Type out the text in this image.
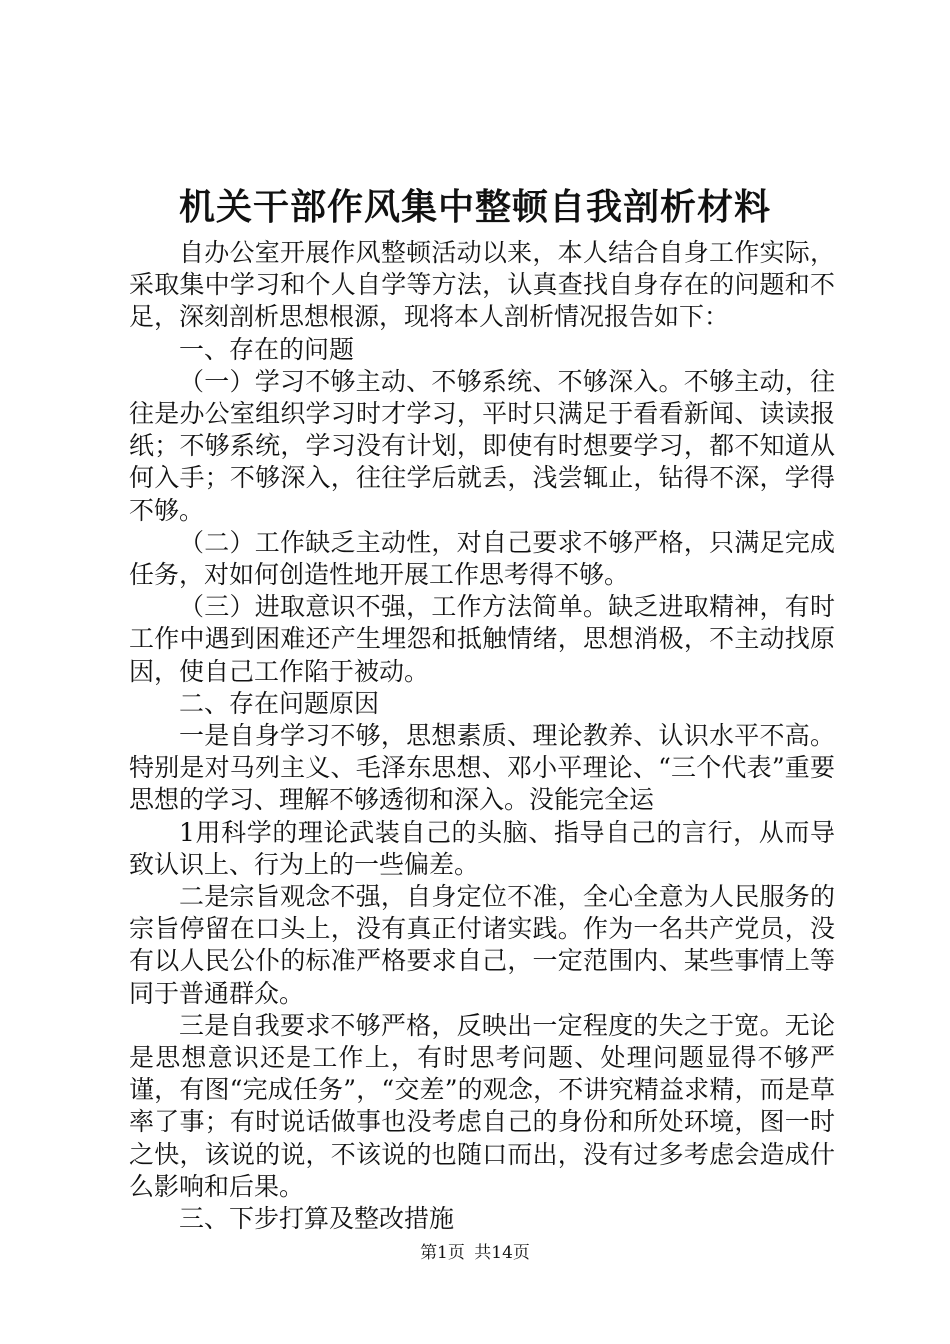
机关干部作风集中整顿自我剖析材料

自办公室开展作风整顿活动以来，本人结合自身工作实际，采取集中学习和个人自学等方法，认真查找自身存在的问题和不足，深刻剖析思想根源，现将本人剖析情况报告如下：

一、存在的问题

（一）学习不够主动、不够系统、不够深入。不够主动，往往是办公室组织学习时才学习，平时只满足于看看新闻、读读报纸；不够系统，学习没有计划，即使有时想要学习，都不知道从何入手；不够深入，往往学后就丢，浅尝辄止，钻得不深，学得不够。

（二）工作缺乏主动性，对自己要求不够严格，只满足完成任务，对如何创造性地开展工作思考得不够。

（三）进取意识不强，工作方法简单。缺乏进取精神，有时工作中遇到困难还产生埋怨和抵触情绪，思想消极，不主动找原因，使自己工作陷于被动。

二、存在问题原因

一是自身学习不够，思想素质、理论教养、认识水平不高。特别是对马列主义、毛泽东思想、邓小平理论、“三个代表”重要思想的学习、理解不够透彻和深入。没能完全运

1用科学的理论武装自己的头脑、指导自己的言行，从而导致认识上、行为上的一些偏差。

二是宗旨观念不强，自身定位不准，全心全意为人民服务的宗旨停留在口头上，没有真正付诸实践。作为一名共产党员，没有以人民公仆的标准严格要求自己，一定范围内、某些事情上等同于普通群众。

三是自我要求不够严格，反映出一定程度的失之于宽。无论是思想意识还是工作上，有时思考问题、处理问题显得不够严谨，有图“完成任务”，“交差”的观念，不讲究精益求精，而是草率了事；有时说话做事也没考虑自己的身份和所处环境，图一时之快，该说的说，不该说的也随口而出，没有过多考虑会造成什么影响和后果。

三、下步打算及整改措施

第1页 共14页
